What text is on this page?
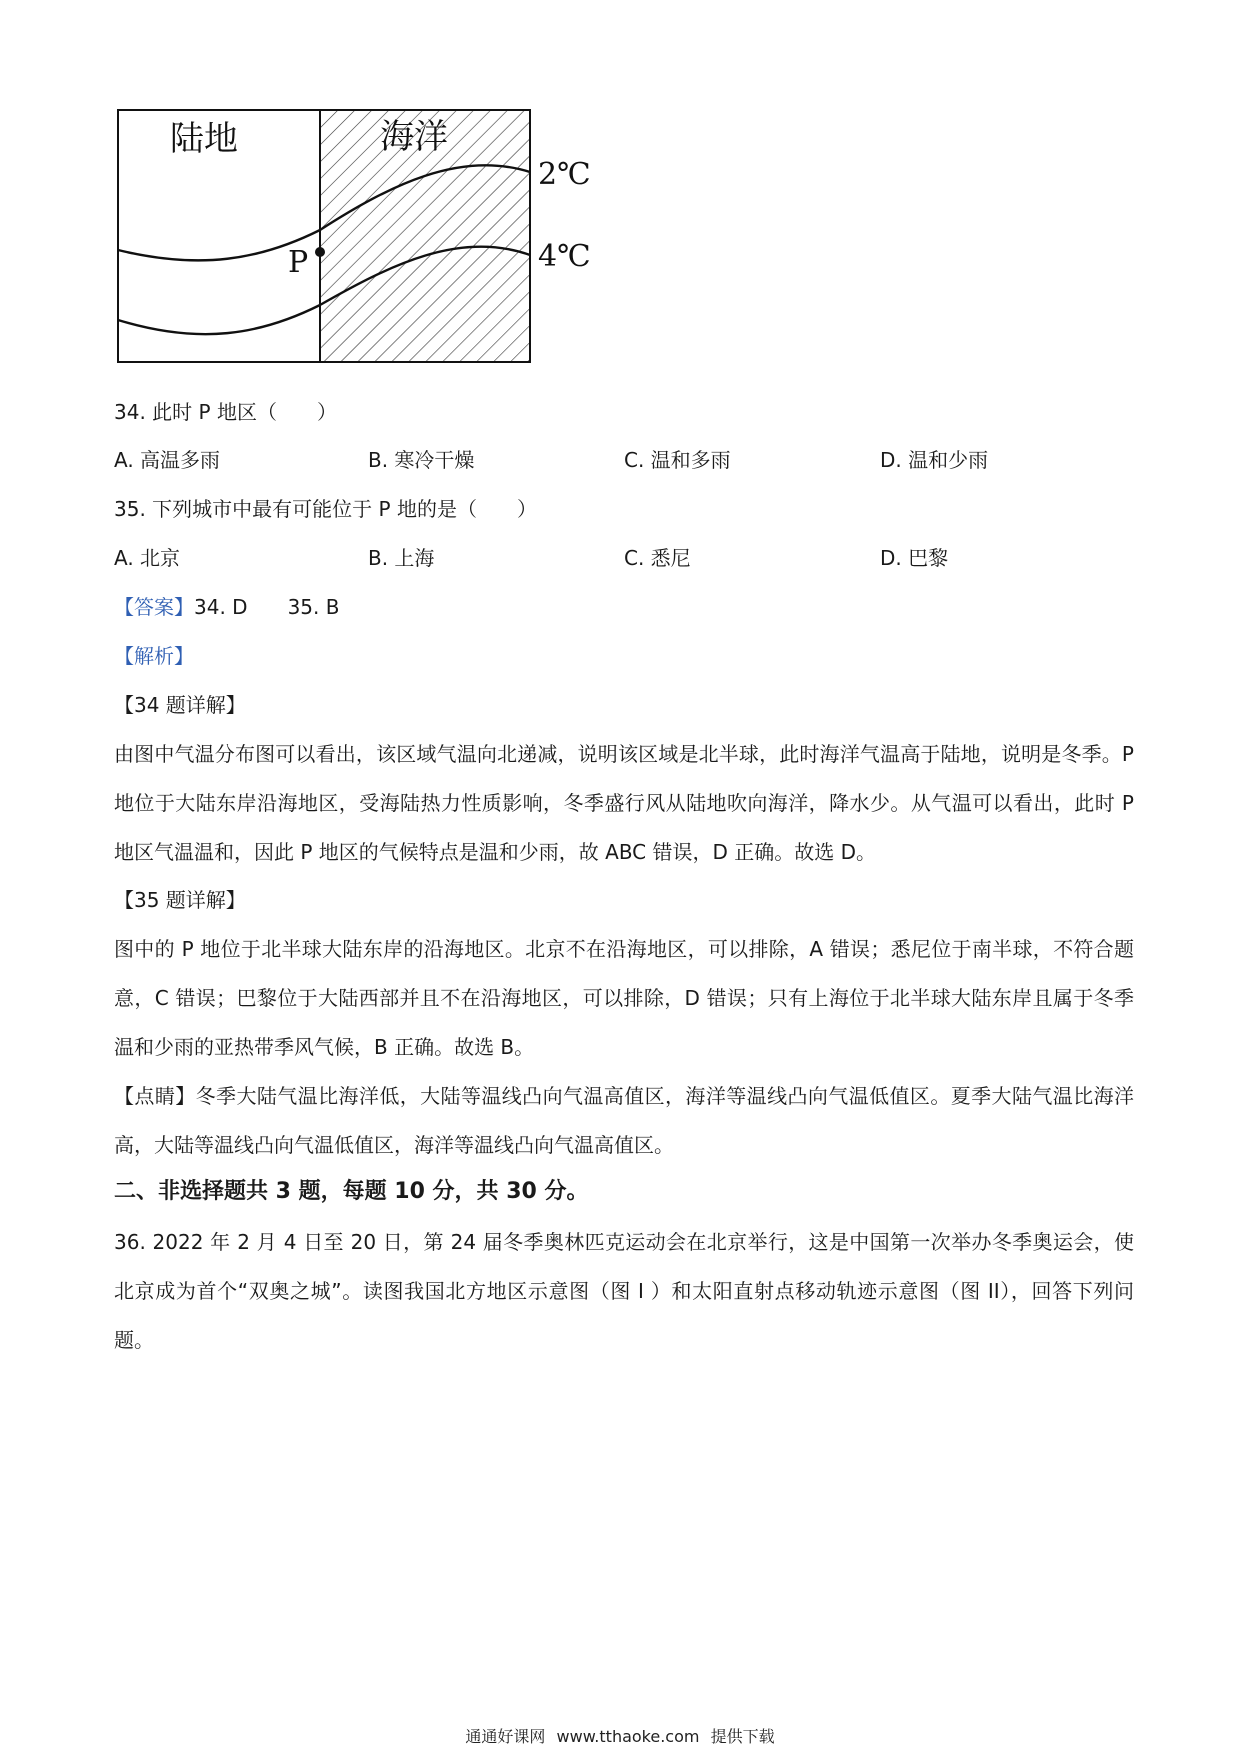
陆地	海洋
2℃
4℃
P
34. 此时 P 地区（　　）
A. 高温多雨	B. 寒冷干燥	C. 温和多雨	D. 温和少雨
35. 下列城市中最有可能位于 P 地的是（　　）
A. 北京	B. 上海	C. 悉尼	D. 巴黎
【答案】34. D　　35. B
【解析】
【34 题详解】
由图中气温分布图可以看出，该区域气温向北递减，说明该区域是北半球，此时海洋气温高于陆地，说明是冬季。P 地位于大陆东岸沿海地区，受海陆热力性质影响，冬季盛行风从陆地吹向海洋，降水少。从气温可以看出，此时 P 地区气温温和，因此 P 地区的气候特点是温和少雨，故 ABC 错误，D 正确。故选 D。
【35 题详解】
图中的 P 地位于北半球大陆东岸的沿海地区。北京不在沿海地区，可以排除，A 错误；悉尼位于南半球，不符合题意，C 错误；巴黎位于大陆西部并且不在沿海地区，可以排除，D 错误；只有上海位于北半球大陆东岸且属于冬季温和少雨的亚热带季风气候，B 正确。故选 B。
【点睛】冬季大陆气温比海洋低，大陆等温线凸向气温高值区，海洋等温线凸向气温低值区。夏季大陆气温比海洋高，大陆等温线凸向气温低值区，海洋等温线凸向气温高值区。
二、非选择题共 3 题，每题 10 分，共 30 分。
36. 2022 年 2 月 4 日至 20 日，第 24 届冬季奥林匹克运动会在北京举行，这是中国第一次举办冬季奥运会，使北京成为首个“双奥之城”。读图我国北方地区示意图（图 I ）和太阳直射点移动轨迹示意图（图 II），回答下列问题。
通通好课网 www.tthaoke.com 提供下载
